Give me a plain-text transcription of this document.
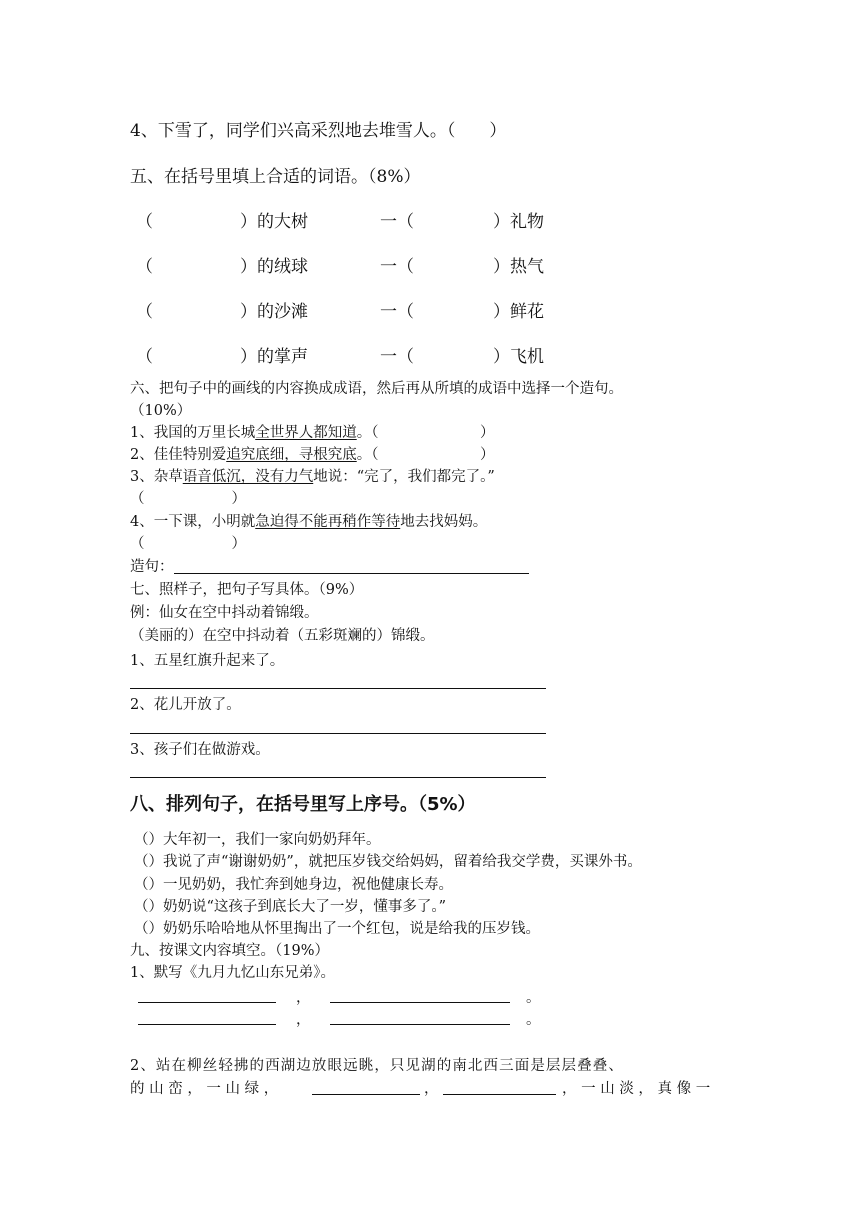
4、下雪了，同学们兴高采烈地去堆雪人。（　　）
五、在括号里填上合适的词语。（8%）
（	）的大树	一（	）礼物
（	）的绒球	一（	）热气
（	）的沙滩	一（	）鲜花
（	）的掌声	一（	）飞机
六、把句子中的画线的内容换成成语，然后再从所填的成语中选择一个造句。
（10%）
1、我国的万里长城全世界人都知道。（　　　　　　　）
2、佳佳特别爱追究底细，寻根究底。（　　　　　　　）
3、杂草语音低沉，没有力气地说：“完了，我们都完了。”
（　　　　　　）
4、一下课，小明就急迫得不能再稍作等待地去找妈妈。
（　　　　　　）
造句：
七、照样子，把句子写具体。（9%）
例：仙女在空中抖动着锦缎。
（美丽的）在空中抖动着（五彩斑斓的）锦缎。
1、五星红旗升起来了。
2、花儿开放了。
3、孩子们在做游戏。
八、排列句子，在括号里写上序号。（5%）
（）大年初一，我们一家向奶奶拜年。
（）我说了声“谢谢奶奶”，就把压岁钱交给妈妈，留着给我交学费，买课外书。
（）一见奶奶，我忙奔到她身边，祝他健康长寿。
（）奶奶说“这孩子到底长大了一岁，懂事多了。”
（）奶奶乐哈哈地从怀里掏出了一个红包，说是给我的压岁钱。
九、按课文内容填空。（19%）
1、默写《九月九忆山东兄弟》。
，	。
，	。
2、站在柳丝轻拂的西湖边放眼远眺，只见湖的南北西三面是层层叠叠、
的 山 峦 ， 一 山 绿 ，	，	， 一 山 淡 ， 真 像 一
